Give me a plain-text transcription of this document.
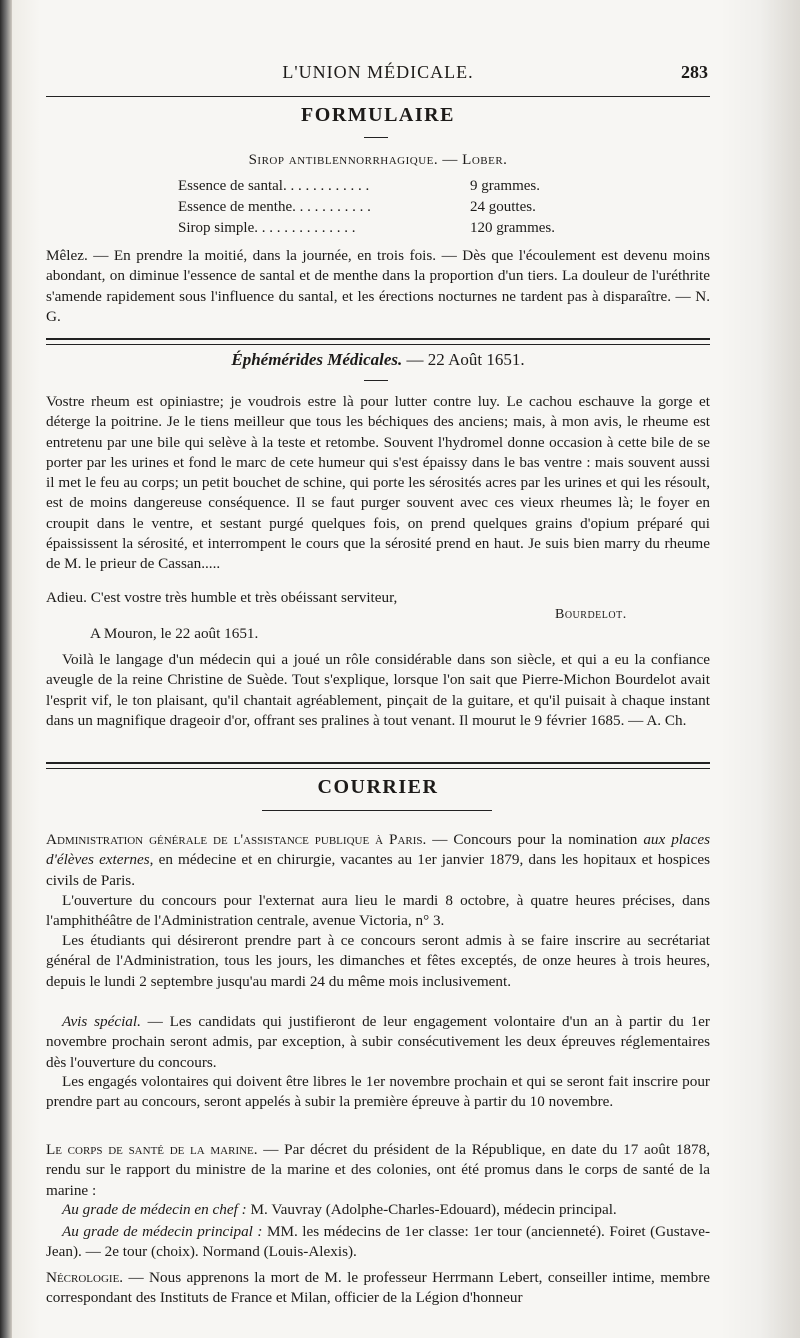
L'UNION MÉDICALE.	283
FORMULAIRE
Sirop antiblennorrhagique. — Lober.
Essence de santal. . . . . . . . . . . .	9 grammes.
Essence de menthe. . . . . . . . . . .	24 gouttes.
Sirop simple. . . . . . . . . . . . . .	120 grammes.
Mêlez. — En prendre la moitié, dans la journée, en trois fois. — Dès que l'écoulement est devenu moins abondant, on diminue l'essence de santal et de menthe dans la proportion d'un tiers. La douleur de l'uréthrite s'amende rapidement sous l'influence du santal, et les érections nocturnes ne tardent pas à disparaître. — N. G.
Éphémérides Médicales. — 22 Août 1651.
Vostre rheum est opiniastre; je voudrois estre là pour lutter contre luy. Le cachou eschauve la gorge et déterge la poitrine. Je le tiens meilleur que tous les béchiques des anciens; mais, à mon avis, le rheume est entretenu par une bile qui selève à la teste et retombe. Souvent l'hydromel donne occasion à cette bile de se porter par les urines et fond le marc de cete humeur qui s'est épaissy dans le bas ventre : mais souvent aussi il met le feu au corps; un petit bouchet de schine, qui porte les sérosités acres par les urines et qui les résoult, est de moins dangereuse conséquence. Il se faut purger souvent avec ces vieux rheumes là; le foyer en croupit dans le ventre, et sestant purgé quelques fois, on prend quelques grains d'opium préparé qui épaississent la sérosité, et interrompent le cours que la sérosité prend en haut. Je suis bien marry du rheume de M. le prieur de Cassan.....
Adieu. C'est vostre très humble et très obéissant serviteur,
Bourdelot.
A Mouron, le 22 août 1651.
Voilà le langage d'un médecin qui a joué un rôle considérable dans son siècle, et qui a eu la confiance aveugle de la reine Christine de Suède. Tout s'explique, lorsque l'on sait que Pierre-Michon Bourdelot avait l'esprit vif, le ton plaisant, qu'il chantait agréablement, pinçait de la guitare, et qu'il puisait à chaque instant dans un magnifique drageoir d'or, offrant ses pralines à tout venant. Il mourut le 9 février 1685. — A. Ch.
COURRIER
Administration générale de l'assistance publique à Paris. — Concours pour la nomination aux places d'élèves externes, en médecine et en chirurgie, vacantes au 1er janvier 1879, dans les hopitaux et hospices civils de Paris.
L'ouverture du concours pour l'externat aura lieu le mardi 8 octobre, à quatre heures précises, dans l'amphithéâtre de l'Administration centrale, avenue Victoria, n° 3.
Les étudiants qui désireront prendre part à ce concours seront admis à se faire inscrire au secrétariat général de l'Administration, tous les jours, les dimanches et fêtes exceptés, de onze heures à trois heures, depuis le lundi 2 septembre jusqu'au mardi 24 du même mois inclusivement.
Avis spécial. — Les candidats qui justifieront de leur engagement volontaire d'un an à partir du 1er novembre prochain seront admis, par exception, à subir consécutivement les deux épreuves réglementaires dès l'ouverture du concours.
Les engagés volontaires qui doivent être libres le 1er novembre prochain et qui se seront fait inscrire pour prendre part au concours, seront appelés à subir la première épreuve à partir du 10 novembre.
Le corps de santé de la marine. — Par décret du président de la République, en date du 17 août 1878, rendu sur le rapport du ministre de la marine et des colonies, ont été promus dans le corps de santé de la marine :
Au grade de médecin en chef : M. Vauvray (Adolphe-Charles-Edouard), médecin principal.
Au grade de médecin principal : MM. les médecins de 1er classe: 1er tour (ancienneté). Foiret (Gustave-Jean). — 2e tour (choix). Normand (Louis-Alexis).
Nécrologie. — Nous apprenons la mort de M. le professeur Herrmann Lebert, conseiller intime, membre correspondant des Instituts de France et Milan, officier de la Légion d'honneur
